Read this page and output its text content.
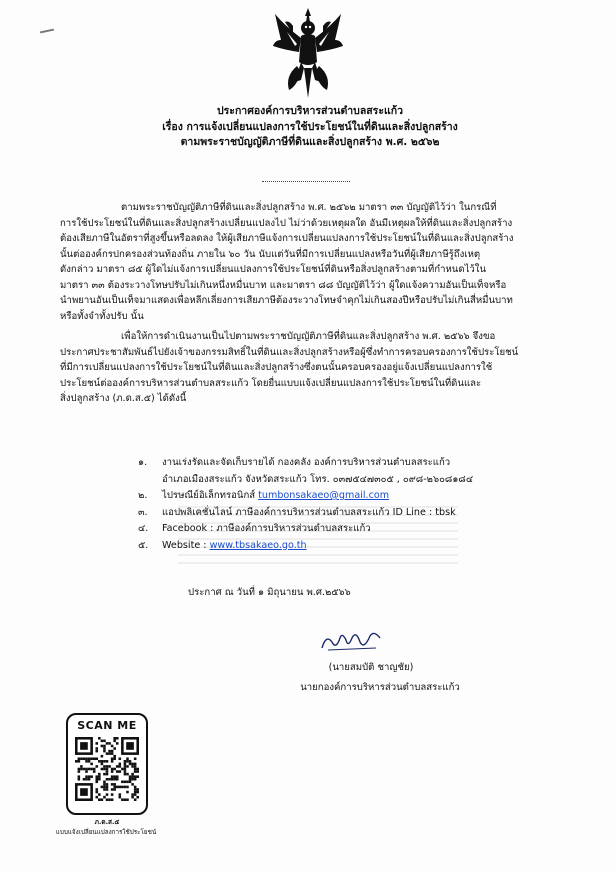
ประกาศองค์การบริหารส่วนตำบลสระแก้ว
เรื่อง การแจ้งเปลี่ยนแปลงการใช้ประโยชน์ในที่ดินและสิ่งปลูกสร้าง
ตามพระราชบัญญัติภาษีที่ดินและสิ่งปลูกสร้าง พ.ศ. ๒๕๖๒
ตามพระราชบัญญัติภาษีที่ดินและสิ่งปลูกสร้าง พ.ศ. ๒๕๖๒ มาตรา ๓๓ บัญญัติไว้ว่า ในกรณีที่
การใช้ประโยชน์ในที่ดินและสิ่งปลูกสร้างเปลี่ยนแปลงไป ไม่ว่าด้วยเหตุผลใด อันมีเหตุผลให้ที่ดินและสิ่งปลูกสร้าง
ต้องเสียภาษีในอัตราที่สูงขึ้นหรือลดลง ให้ผู้เสียภาษีแจ้งการเปลี่ยนแปลงการใช้ประโยชน์ในที่ดินและสิ่งปลูกสร้าง
นั้นต่อองค์กรปกครองส่วนท้องถิ่น ภายใน ๖๐ วัน นับแต่วันที่มีการเปลี่ยนแปลงหรือวันที่ผู้เสียภาษีรู้ถึงเหตุ
ดังกล่าว มาตรา ๘๕ ผู้ใดไม่แจ้งการเปลี่ยนแปลงการใช้ประโยชน์ที่ดินหรือสิ่งปลูกสร้างตามที่กำหนดไว้ใน
มาตรา ๓๓ ต้องระวางโทษปรับไม่เกินหนึ่งหมื่นบาท และมาตรา ๘๘ บัญญัติไว้ว่า ผู้ใดแจ้งความอันเป็นเท็จหรือ
นำพยานอันเป็นเท็จมาแสดงเพื่อหลีกเลี่ยงการเสียภาษีต้องระวางโทษจำคุกไม่เกินสองปีหรือปรับไม่เกินสี่หมื่นบาท
หรือทั้งจำทั้งปรับ นั้น
เพื่อให้การดำเนินงานเป็นไปตามพระราชบัญญัติภาษีที่ดินและสิ่งปลูกสร้าง พ.ศ. ๒๕๖๖ จึงขอ
ประกาศประชาสัมพันธ์ไปยังเจ้าของกรรมสิทธิ์ในที่ดินและสิ่งปลูกสร้างหรือผู้ซึ่งทำการครอบครองการใช้ประโยชน์
ที่มีการเปลี่ยนแปลงการใช้ประโยชน์ในที่ดินและสิ่งปลูกสร้างซึ่งตนนั้นครอบครองอยู่แจ้งเปลี่ยนแปลงการใช้
ประโยชน์ต่อองค์การบริหารส่วนตำบลสระแก้ว โดยยื่นแบบแจ้งเปลี่ยนแปลงการใช้ประโยชน์ในที่ดินและ
สิ่งปลูกสร้าง (ภ.ด.ส.๕) ได้ดังนี้
๑. งานเร่งรัดและจัดเก็บรายได้ กองคลัง องค์การบริหารส่วนตำบลสระแก้ว
อำเภอเมืองสระแก้ว จังหวัดสระแก้ว โทร. ๐๓๗๕๔๗๓๐๕ , ๐๙๘-๒๖๐๘๑๘๔
๒. ไปรษณีย์อิเล็กทรอนิกส์ tumbonsakaeo@gmail.com
๓. แอปพลิเคชั่นไลน์ ภาษีองค์การบริหารส่วนตำบลสระแก้ว ID Line : tbsk
๔. Facebook : ภาษีองค์การบริหารส่วนตำบลสระแก้ว
๕. Website : www.tbsakaeo.go.th
ประกาศ ณ วันที่ ๑ มิถุนายน พ.ศ.๒๕๖๖
(นายสมบัติ ชาญชัย)
นายกองค์การบริหารส่วนตำบลสระแก้ว
SCAN ME
ภ.ด.ส.๕
แบบแจ้งเปลี่ยนแปลงการใช้ประโยชน์
